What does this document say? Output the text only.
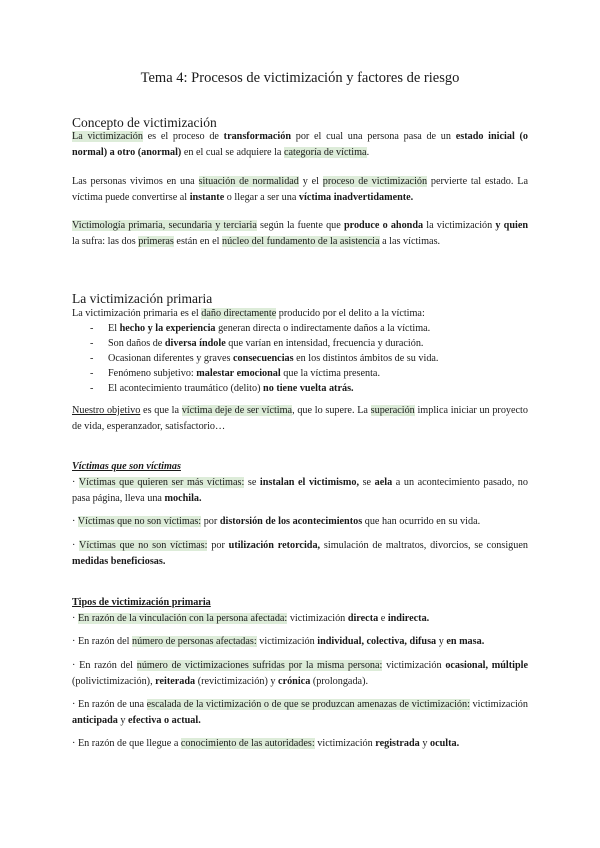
Tema 4: Procesos de victimización y factores de riesgo
Concepto de victimización
La victimización es el proceso de transformación por el cual una persona pasa de un estado inicial (o normal) a otro (anormal) en el cual se adquiere la categoría de víctima.
Las personas vivimos en una situación de normalidad y el proceso de victimización pervierte tal estado. La víctima puede convertirse al instante o llegar a ser una víctima inadvertidamente.
Victimología primaria, secundaria y terciaria según la fuente que produce o ahonda la victimización y quien la sufra: las dos primeras están en el núcleo del fundamento de la asistencia a las víctimas.
La victimización primaria
La victimización primaria es el daño directamente producido por el delito a la víctima:
-	El hecho y la experiencia generan directa o indirectamente daños a la víctima.
-	Son daños de diversa índole que varían en intensidad, frecuencia y duración.
-	Ocasionan diferentes y graves consecuencias en los distintos ámbitos de su vida.
-	Fenómeno subjetivo: malestar emocional que la víctima presenta.
-	El acontecimiento traumático (delito) no tiene vuelta atrás.
Nuestro objetivo es que la víctima deje de ser víctima, que lo supere. La superación implica iniciar un proyecto de vida, esperanzador, satisfactorio…
Víctimas que son víctimas
· Víctimas que quieren ser más víctimas: se instalan el victimismo, se aela a un acontecimiento pasado, no pasa página, lleva una mochila.
· Víctimas que no son víctimas: por distorsión de los acontecimientos que han ocurrido en su vida.
· Víctimas que no son víctimas: por utilización retorcida, simulación de maltratos, divorcios, se consiguen medidas beneficiosas.
Tipos de victimización primaria
· En razón de la vinculación con la persona afectada: victimización directa e indirecta.
· En razón del número de personas afectadas: victimización individual, colectiva, difusa y en masa.
· En razón del número de victimizaciones sufridas por la misma persona: victimización ocasional, múltiple (polivictimización), reiterada (revictimización) y crónica (prolongada).
· En razón de una escalada de la victimización o de que se produzcan amenazas de victimización: victimización anticipada y efectiva o actual.
· En razón de que llegue a conocimiento de las autoridades: victimización registrada y oculta.
